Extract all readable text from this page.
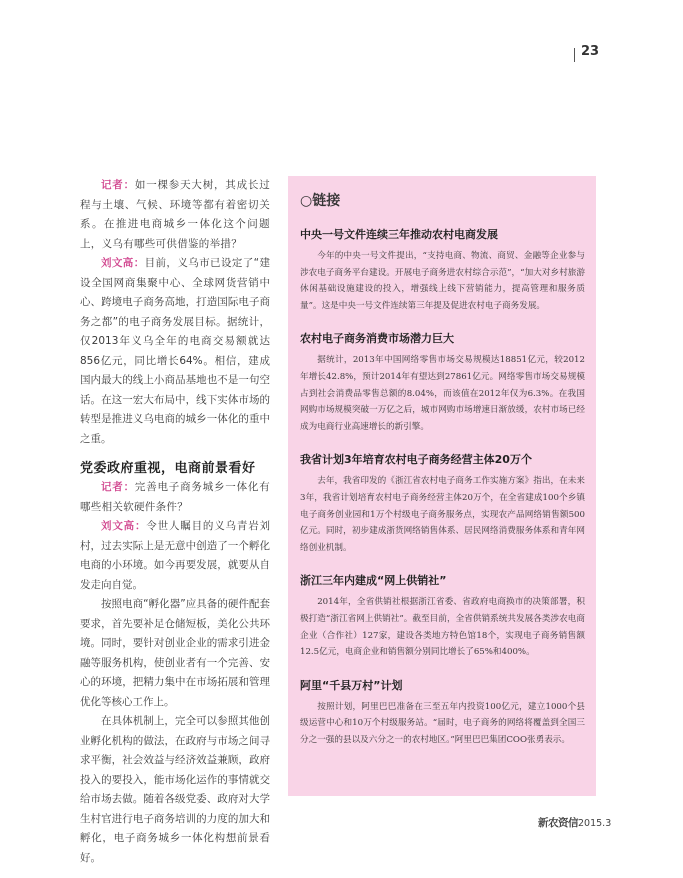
23

记者：如一棵参天大树，其成长过程与土壤、气候、环境等都有着密切关系。在推进电商城乡一体化这个问题上，义乌有哪些可供借鉴的举措？

刘文高：目前，义乌市已设定了“建设全国网商集聚中心、全球网货营销中心、跨境电子商务高地，打造国际电子商务之都”的电子商务发展目标。据统计，仅2013年义乌全年的电商交易额就达856亿元，同比增长64%。相信，建成国内最大的线上小商品基地也不是一句空话。在这一宏大布局中，线下实体市场的转型是推进义乌电商的城乡一体化的重中之重。

党委政府重视，电商前景看好

记者：完善电子商务城乡一体化有哪些相关软硬件条件？

刘文高：令世人瞩目的义乌青岩刘村，过去实际上是无意中创造了一个孵化电商的小环境。如今再要发展，就要从自发走向自觉。

按照电商“孵化器”应具备的硬件配套要求，首先要补足仓储短板，美化公共环境。同时，要针对创业企业的需求引进金融等服务机构，使创业者有一个完善、安心的环境，把精力集中在市场拓展和管理优化等核心工作上。

在具体机制上，完全可以参照其他创业孵化机构的做法，在政府与市场之间寻求平衡，社会效益与经济效益兼顾，政府投入的要投入，能市场化运作的事情就交给市场去做。随着各级党委、政府对大学生村官进行电子商务培训的力度的加大和孵化，电子商务城乡一体化构想前景看好。

○链接
中央一号文件连续三年推动农村电商发展

今年的中央一号文件提出，“支持电商、物流、商贸、金融等企业参与涉农电子商务平台建设。开展电子商务进农村综合示范”，“加大对乡村旅游休闲基础设施建设的投入，增强线上线下营销能力，提高管理和服务质量”。这是中央一号文件连续第三年提及促进农村电子商务发展。

农村电子商务消费市场潜力巨大

据统计，2013年中国网络零售市场交易规模达18851亿元，较2012年增长42.8%，预计2014年有望达到27861亿元。网络零售市场交易规模占到社会消费品零售总额的8.04%，而该值在2012年仅为6.3%。在我国网购市场规模突破一万亿之后，城市网购市场增速日渐放缓，农村市场已经成为电商行业高速增长的新引擎。

我省计划3年培育农村电子商务经营主体20万个

去年，我省印发的《浙江省农村电子商务工作实施方案》指出，在未来3年，我省计划培育农村电子商务经营主体20万个，在全省建成100个乡镇电子商务创业园和1万个村级电子商务服务点，实现农产品网络销售额500亿元。同时，初步建成浙货网络销售体系、居民网络消费服务体系和青年网络创业机制。

浙江三年内建成“网上供销社”

2014年，全省供销社根据浙江省委、省政府电商换市的决策部署，积极打造“浙江省网上供销社”。截至目前，全省供销系统共发展各类涉农电商企业（合作社）127家，建设各类地方特色馆18个，实现电子商务销售额12.5亿元，电商企业和销售额分别同比增长了65%和400%。

阿里“千县万村”计划

按照计划，阿里巴巴准备在三至五年内投资100亿元，建立1000个县级运营中心和10万个村级服务站。“届时，电子商务的网络将覆盖到全国三分之一强的县以及六分之一的农村地区。”阿里巴巴集团COO张勇表示。

新农资信2015.3
